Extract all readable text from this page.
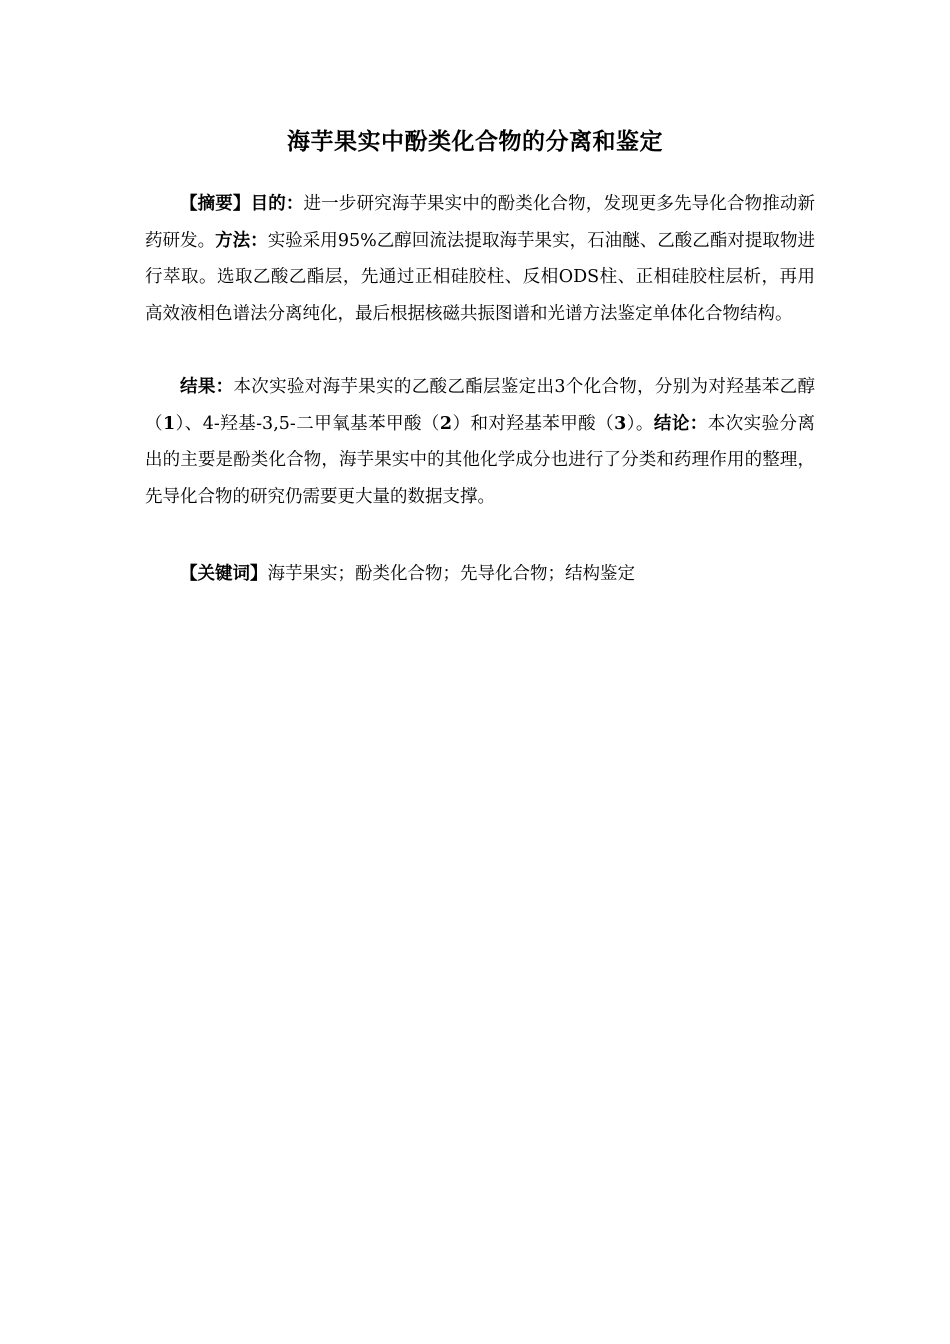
海芋果实中酚类化合物的分离和鉴定

【摘要】目的：进一步研究海芋果实中的酚类化合物，发现更多先导化合物推动新药研发。方法：实验采用95%乙醇回流法提取海芋果实，石油醚、乙酸乙酯对提取物进行萃取。选取乙酸乙酯层，先通过正相硅胶柱、反相ODS柱、正相硅胶柱层析，再用高效液相色谱法分离纯化，最后根据核磁共振图谱和光谱方法鉴定单体化合物结构。

结果：本次实验对海芋果实的乙酸乙酯层鉴定出3个化合物，分别为对羟基苯乙醇（1）、4-羟基-3,5-二甲氧基苯甲酸（2）和对羟基苯甲酸（3）。结论：本次实验分离出的主要是酚类化合物，海芋果实中的其他化学成分也进行了分类和药理作用的整理，先导化合物的研究仍需要更大量的数据支撑。

【关键词】海芋果实；酚类化合物；先导化合物；结构鉴定
